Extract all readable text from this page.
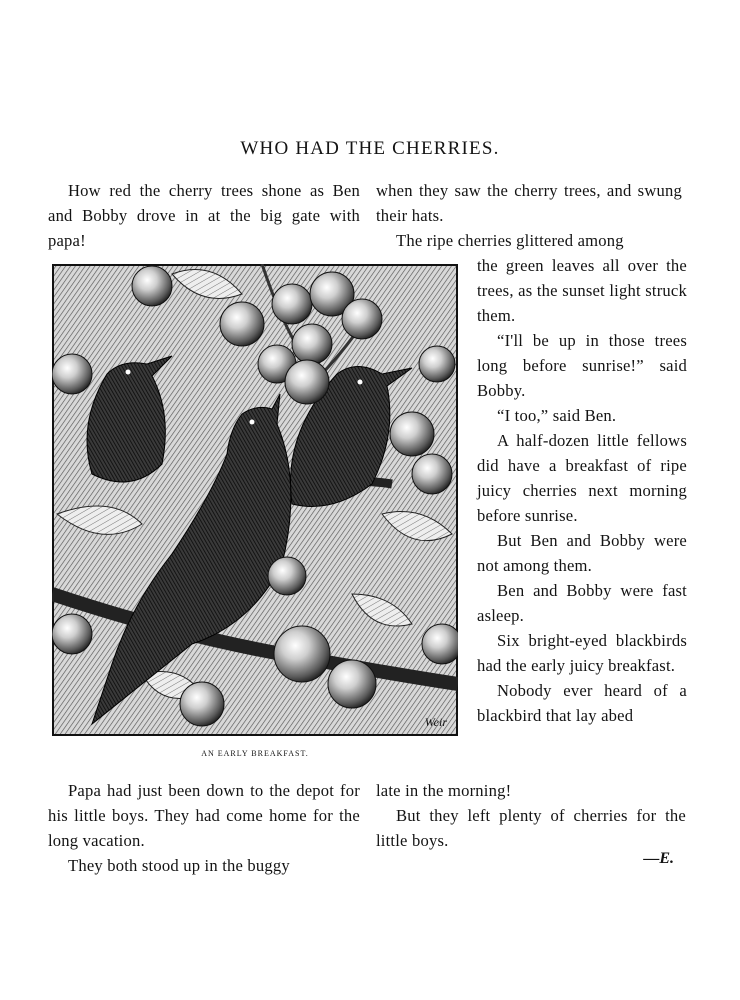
WHO HAD THE CHERRIES.

How red the cherry trees shone as Ben and Bobby drove in at the big gate with papa!

when they saw the cherry trees, and swung their hats.

The ripe cherries glittered among

the green leaves all over the trees, as the sunset light struck them.

“I'll be up in those trees long before sunrise!” said Bobby.

“I too,” said Ben.

A half-dozen little fellows did have a breakfast of ripe juicy cherries next morning before sunrise.

But Ben and Bobby were not among them.

Ben and Bobby were fast asleep.

Six bright-eyed blackbirds had the early juicy breakfast.

Nobody ever heard of a blackbird that lay abed

late in the morning!

But they left plenty of cherries for the little boys.

Papa had just been down to the depot for his little boys. They had come home for the long vacation.

They both stood up in the buggy	—E.
Weir
AN EARLY BREAKFAST.
